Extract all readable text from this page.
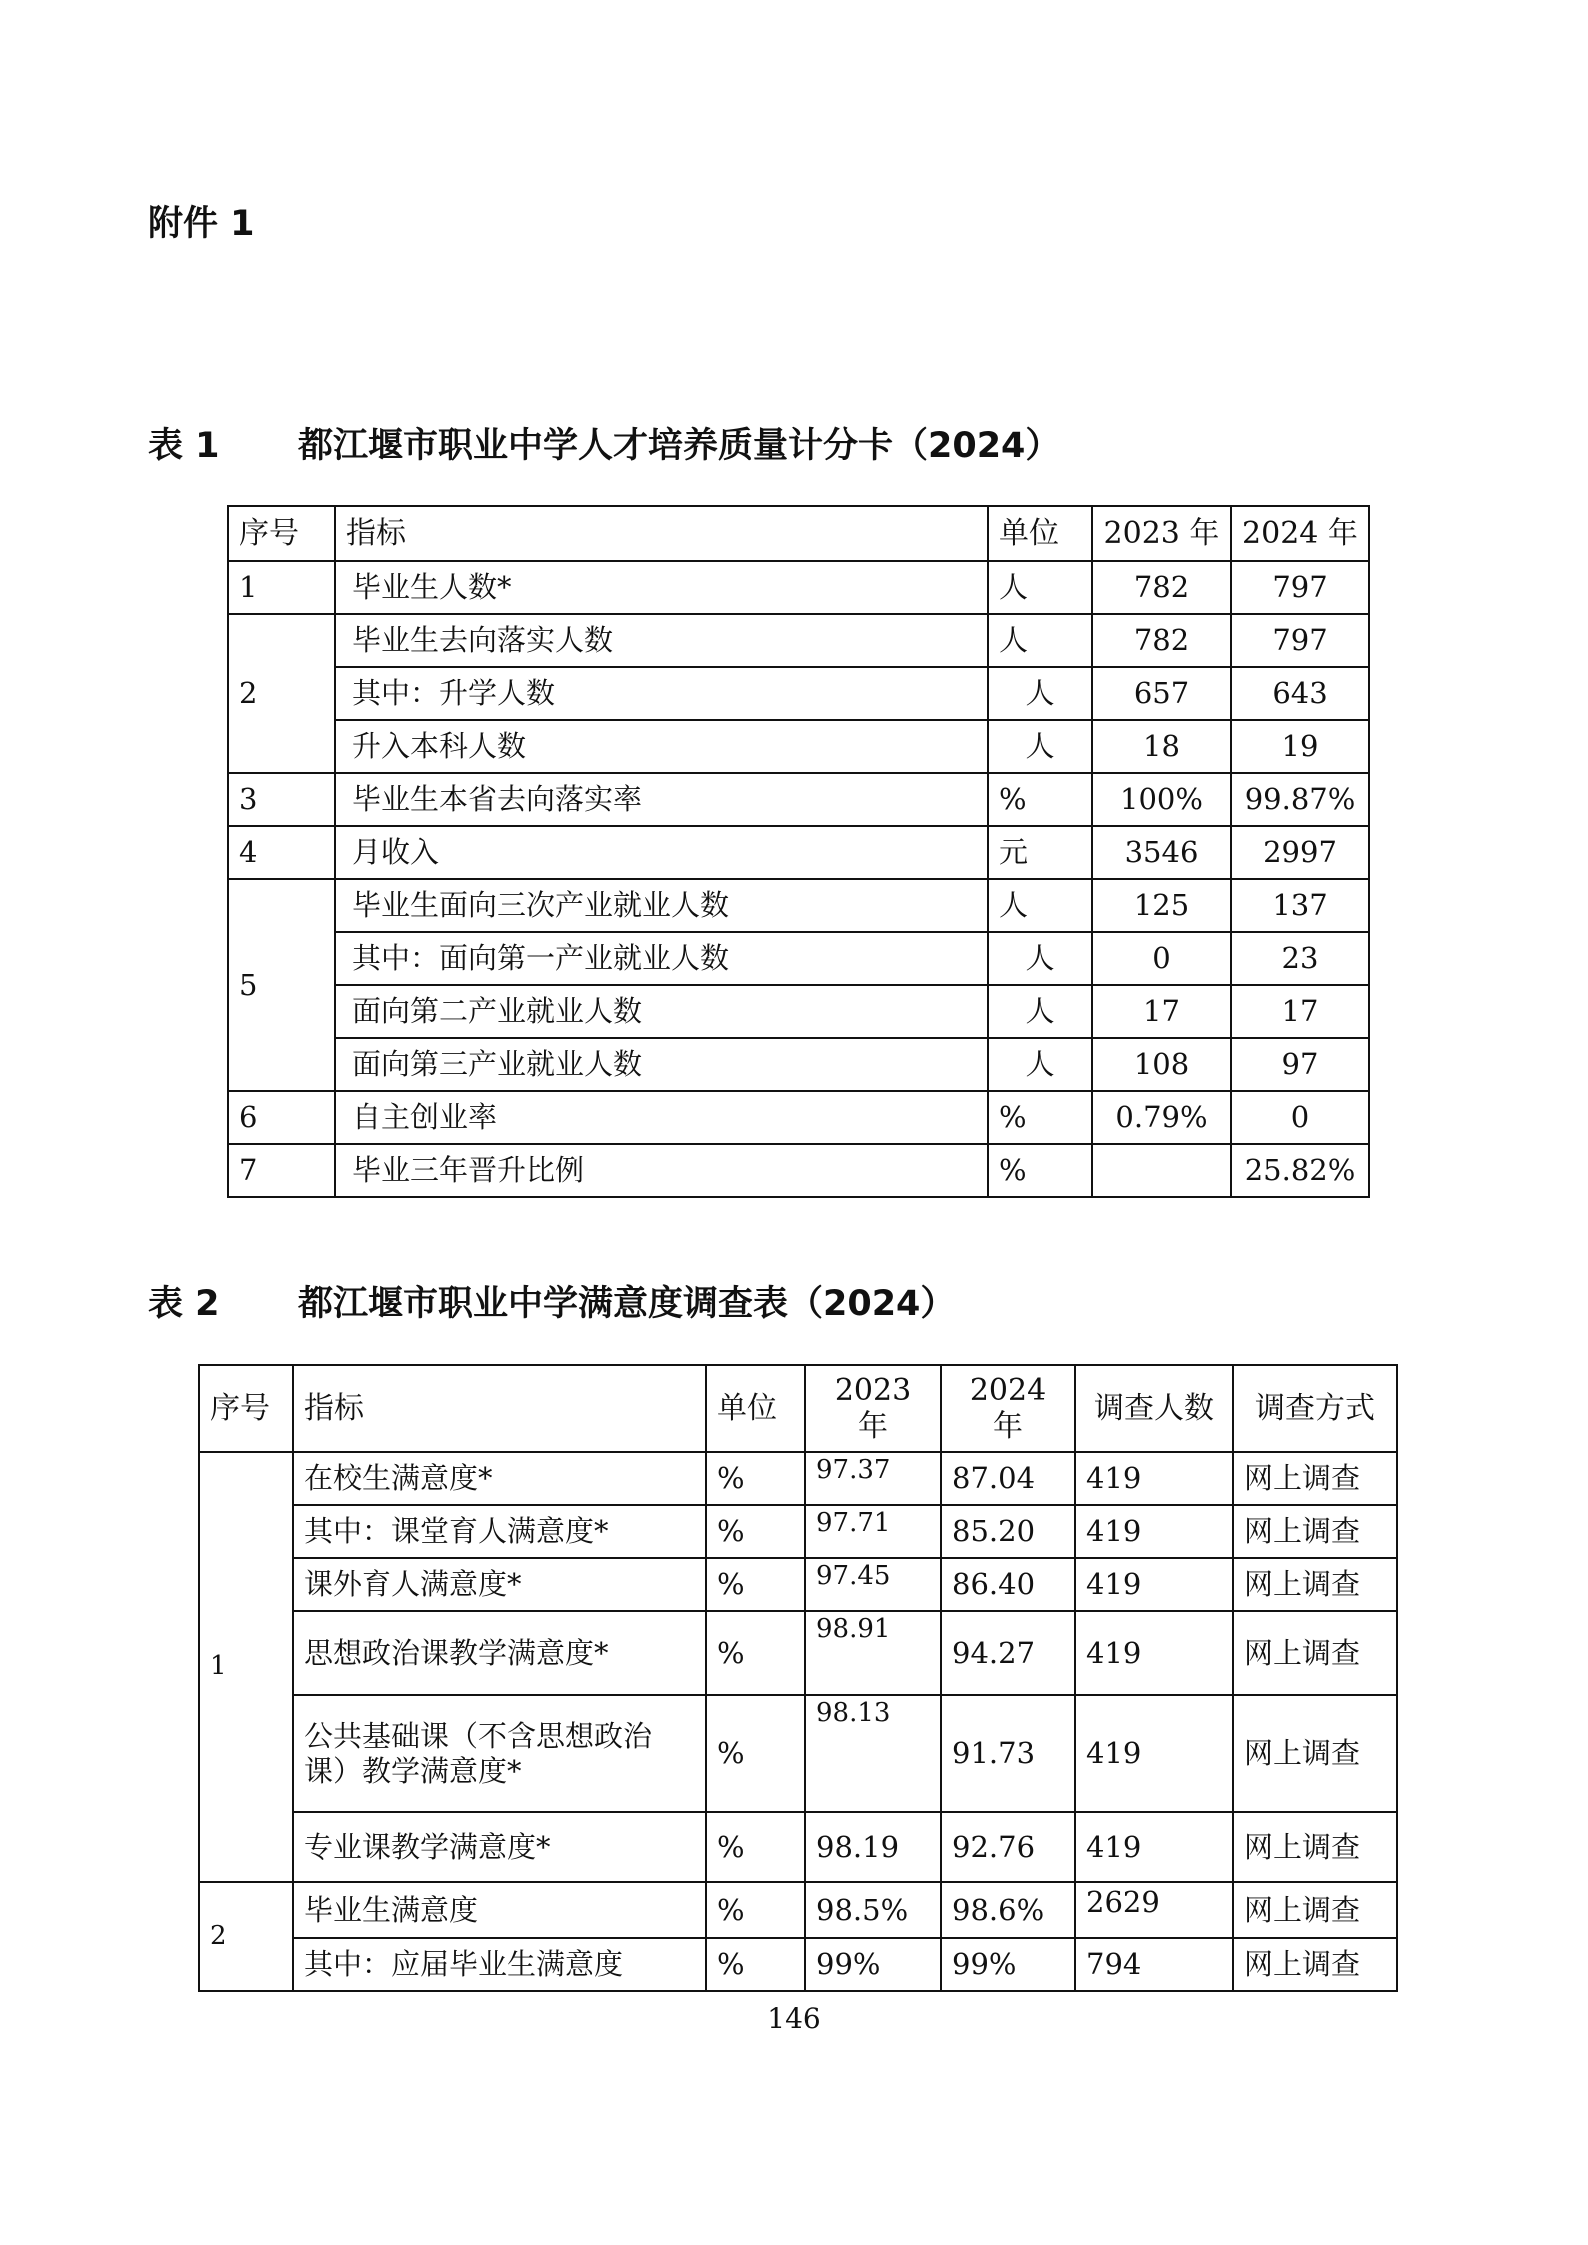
附件 1
表 1 都江堰市职业中学人才培养质量计分卡（2024）
序号	指标	单位	2023 年	2024 年
1	毕业生人数*	人	782	797
2	毕业生去向落实人数	人	782	797
	其中：升学人数	人	657	643
	升入本科人数	人	18	19
3	毕业生本省去向落实率	%	100%	99.87%
4	月收入	元	3546	2997
5	毕业生面向三次产业就业人数	人	125	137
	其中：面向第一产业就业人数	人	0	23
	面向第二产业就业人数	人	17	17
	面向第三产业就业人数	人	108	97
6	自主创业率	%	0.79%	0
7	毕业三年晋升比例	%		25.82%
表 2 都江堰市职业中学满意度调查表（2024）
序号	指标	单位	2023 年	2024 年	调查人数	调查方式
1	在校生满意度*	%	97.37	87.04	419	网上调查
	其中：课堂育人满意度*	%	97.71	85.20	419	网上调查
	课外育人满意度*	%	97.45	86.40	419	网上调查
	思想政治课教学满意度*	%	98.91	94.27	419	网上调查
	公共基础课（不含思想政治课）教学满意度*	%	98.13	91.73	419	网上调查
	专业课教学满意度*	%	98.19	92.76	419	网上调查
2	毕业生满意度	%	98.5%	98.6%	2629	网上调查
	其中：应届毕业生满意度	%	99%	99%	794	网上调查
146
